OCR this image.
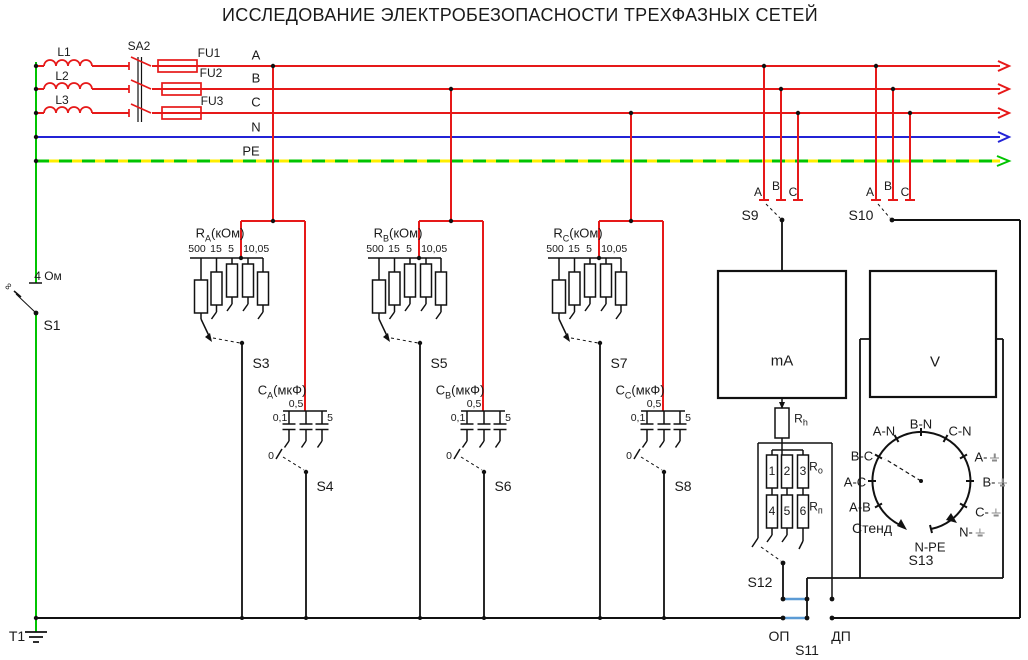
ИССЛЕДОВАНИЕ ЭЛЕКТРОБЕЗОПАСНОСТИ ТРЕХФАЗНЫХ СЕТЕЙ
L1
L2
L3
SA2	FU1
FU2
FU3
A
B
C
N
PE
4 Ом
∞
S1
T1
$R_A(кОм)$
500 15 5 1 0,05
S3
$C_A(мкФ)$
0,5
0,1	5
0
S4
$R_B(кОм)$
500 15 5 1 0,05
S5
$C_B(мкФ)$
0,5
0,1	5
0
S6
$R_C(кОм)$
500 15 5 1 0,05
S7
$C_C(мкФ)$
0,5
0,1	5
0
S8
A B C
S9
A B C
S10
mA	V
$R_h$
$R_о$
$R_п$
1 2 3
4 5 6
S12
ОП	ДП
S11
Стенд
S13
A-N B-N C-N
B-C
A-C
A-B
A-
B-
C-
N-
N-PE
